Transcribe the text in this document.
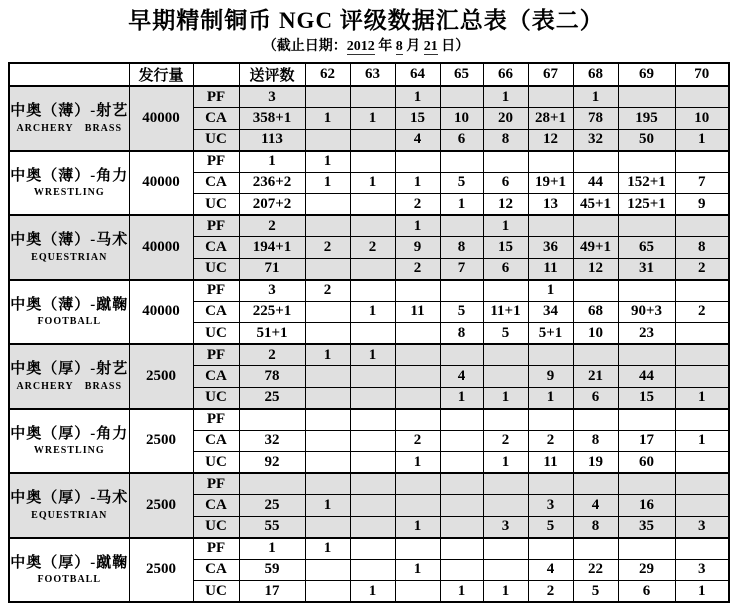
早期精制铜币 NGC 评级数据汇总表（表二）
（截止日期：2012 年 8 月 21 日）
	发行量		送评数	62	63	64	65	66	67	68	69	70

中奥（薄）-射艺
ARCHERY BRASS	40000	PF	3			1		1		1		
		CA	358+1	1	1	15	10	20	28+1	78	195	10
		UC	113			4	6	8	12	32	50	1

中奥（薄）-角力
WRESTLING	40000	PF	1	1								
		CA	236+2	1	1	1	5	6	19+1	44	152+1	7
		UC	207+2			2	1	12	13	45+1	125+1	9

中奥（薄）-马术
EQUESTRIAN	40000	PF	2			1		1				
		CA	194+1	2	2	9	8	15	36	49+1	65	8
		UC	71			2	7	6	11	12	31	2

中奥（薄）-蹴鞠
FOOTBALL	40000	PF	3	2					1			
		CA	225+1		1	11	5	11+1	34	68	90+3	2
		UC	51+1				8	5	5+1	10	23	

中奥（厚）-射艺
ARCHERY BRASS	2500	PF	2	1	1							
		CA	78				4		9	21	44	
		UC	25				1	1	1	6	15	1

中奥（厚）-角力
WRESTLING	2500	PF										
		CA	32			2		2	2	8	17	1
		UC	92			1		1	11	19	60	

中奥（厚）-马术
EQUESTRIAN	2500	PF										
		CA	25	1					3	4	16	
		UC	55			1		3	5	8	35	3

中奥（厚）-蹴鞠
FOOTBALL	2500	PF	1	1								
		CA	59			1			4	22	29	3
		UC	17		1		1	1	2	5	6	1
